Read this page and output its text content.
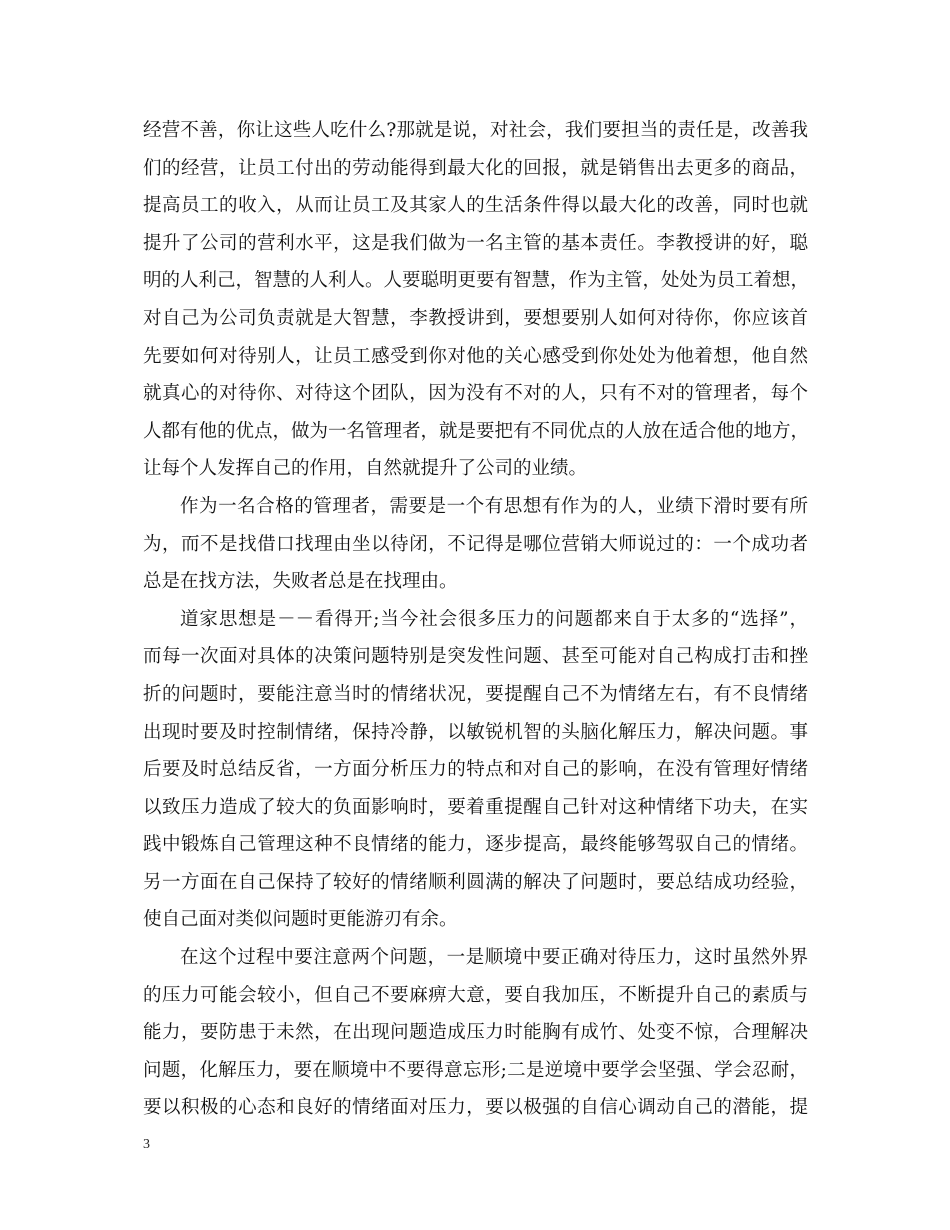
经营不善，你让这些人吃什么?那就是说，对社会，我们要担当的责任是，改善我
们的经营，让员工付出的劳动能得到最大化的回报，就是销售出去更多的商品，
提高员工的收入，从而让员工及其家人的生活条件得以最大化的改善，同时也就
提升了公司的营利水平，这是我们做为一名主管的基本责任。李教授讲的好，聪
明的人利己，智慧的人利人。人要聪明更要有智慧，作为主管，处处为员工着想，
对自己为公司负责就是大智慧，李教授讲到，要想要别人如何对待你，你应该首
先要如何对待别人，让员工感受到你对他的关心感受到你处处为他着想，他自然
就真心的对待你、对待这个团队，因为没有不对的人，只有不对的管理者，每个
人都有他的优点，做为一名管理者，就是要把有不同优点的人放在适合他的地方，
让每个人发挥自己的作用，自然就提升了公司的业绩。
作为一名合格的管理者，需要是一个有思想有作为的人，业绩下滑时要有所
为，而不是找借口找理由坐以待闭，不记得是哪位营销大师说过的：一个成功者
总是在找方法，失败者总是在找理由。
道家思想是－－看得开;当今社会很多压力的问题都来自于太多的“选择”，
而每一次面对具体的决策问题特别是突发性问题、甚至可能对自己构成打击和挫
折的问题时，要能注意当时的情绪状况，要提醒自己不为情绪左右，有不良情绪
出现时要及时控制情绪，保持冷静，以敏锐机智的头脑化解压力，解决问题。事
后要及时总结反省，一方面分析压力的特点和对自己的影响，在没有管理好情绪
以致压力造成了较大的负面影响时，要着重提醒自己针对这种情绪下功夫，在实
践中锻炼自己管理这种不良情绪的能力，逐步提高，最终能够驾驭自己的情绪。
另一方面在自己保持了较好的情绪顺利圆满的解决了问题时，要总结成功经验，
使自己面对类似问题时更能游刃有余。
在这个过程中要注意两个问题，一是顺境中要正确对待压力，这时虽然外界
的压力可能会较小，但自己不要麻痹大意，要自我加压，不断提升自己的素质与
能力，要防患于未然，在出现问题造成压力时能胸有成竹、处变不惊，合理解决
问题，化解压力，要在顺境中不要得意忘形;二是逆境中要学会坚强、学会忍耐，
要以积极的心态和良好的情绪面对压力，要以极强的自信心调动自己的潜能，提
3
